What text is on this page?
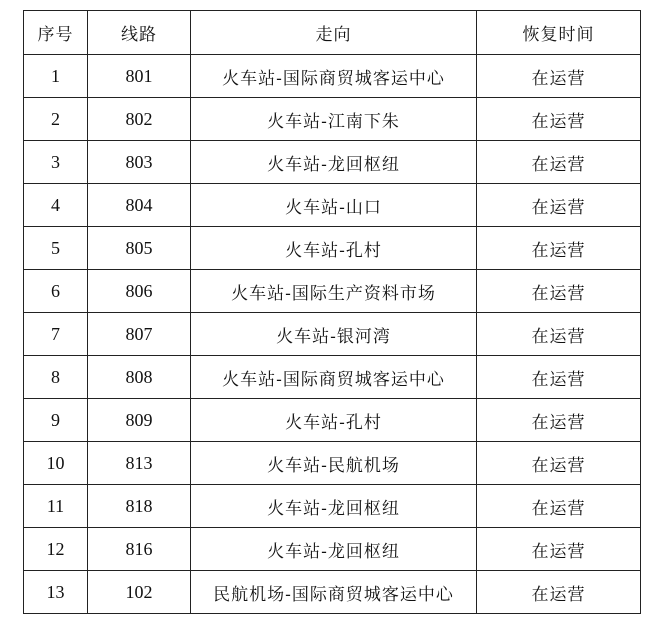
序号	线路	走向	恢复时间
1	801	火车站-国际商贸城客运中心	在运营
2	802	火车站-江南下朱	在运营
3	803	火车站-龙回枢纽	在运营
4	804	火车站-山口	在运营
5	805	火车站-孔村	在运营
6	806	火车站-国际生产资料市场	在运营
7	807	火车站-银河湾	在运营
8	808	火车站-国际商贸城客运中心	在运营
9	809	火车站-孔村	在运营
10	813	火车站-民航机场	在运营
11	818	火车站-龙回枢纽	在运营
12	816	火车站-龙回枢纽	在运营
13	102	民航机场-国际商贸城客运中心	在运营
